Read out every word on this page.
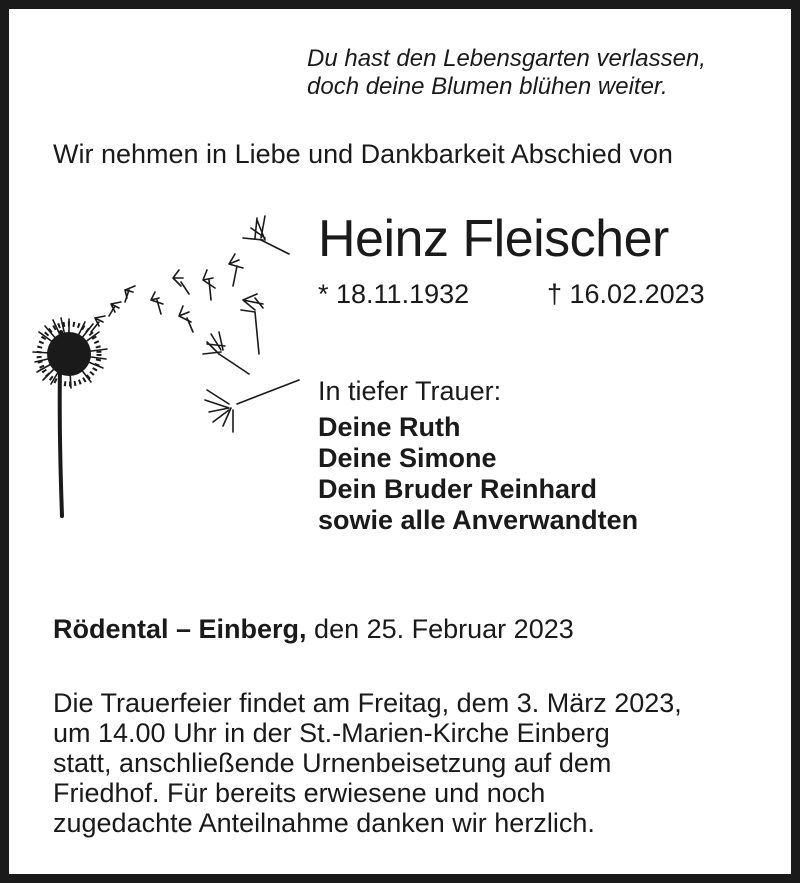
Du hast den Lebensgarten verlassen,
doch deine Blumen blühen weiter.
Wir nehmen in Liebe und Dankbarkeit Abschied von
Heinz Fleischer
* 18.11.1932	† 16.02.2023
In tiefer Trauer:
Deine Ruth
Deine Simone
Dein Bruder Reinhard
sowie alle Anverwandten
Rödental – Einberg, den 25. Februar 2023
Die Trauerfeier findet am Freitag, dem 3. März 2023,
um 14.00 Uhr in der St.-Marien-Kirche Einberg
statt, anschließende Urnenbeisetzung auf dem
Friedhof. Für bereits erwiesene und noch
zugedachte Anteilnahme danken wir herzlich.
